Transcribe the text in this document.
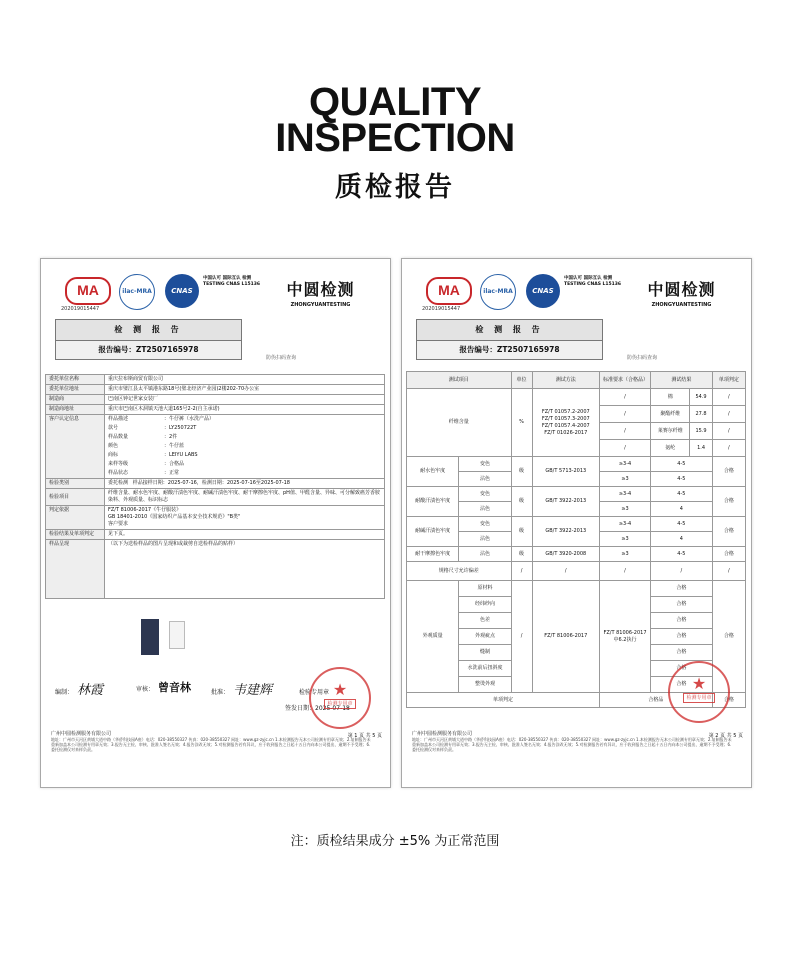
QUALITY
INSPECTION
质检报告
MA
202019015447
ilac-MRA	CNAS
中国认可 国际互认 检测 TESTING CNAS L15136	中圆检测
ZHONGYUANTESTING
检 测 报 告
报告编号：ZT2507165978
防伪扫码查询
委托单位名称	重庆拉布斯商贸有限公司
委托单位地址	重庆市璧江县太平镇港东路18号(璧北经济产业园)2楼202-70办公室
制造商	巴南区钟记世家女装厂
制造商地址	重庆市巴南区木洞镇天池大道165号2-2(自主承诺)
客户认定信息		样品描述	：牛仔裤（水洗产品）
款号	：LY250722T
样品数量	：2件
颜色	：牛仔蓝
商标	：LEIYU LABS
来样等级	：合格品
样品状态	：正常

检验类别	委托检测 样品接样日期：2025-07-16，检测日期：2025-07-16至2025-07-18
检验项目	纤维含量、耐水色牢度、耐酸汗渍色牢度、耐碱汗渍色牢度、耐干摩擦色牢度、pH值、甲醛含量、异味、可分解致癌芳香胺染料、外观质量、标识标志
判定依据	FZ/T 81006-2017《牛仔服装》
GB 18401-2010《国家纺织产品基本安全技术规范》"B类"
客户要求

检验结果及单项判定	见下页。
样品呈现	（以下为送检样品的图片呈现和或裁剪自送检样品的贴样）
编制： 林霞	审核： 曾音林	批准： 韦建辉	检验专用章
签发日期：2025-07-18
★
检测专用章
广州中圆检测服务有限公司
地址：广州市天河区黄埔大道中路（华侨科技园A座）电话：020-38550327 传真：020-38550327 网址：www.gz-zyjc.cn 1.本检测报告无本公司检测专用章无效；2.复制报告未重新加盖本公司检测专用章无效；3.报告无主检、审核、批准人签名无效；4.报告涂改无效；5.对检测报告若有异议，应于收到报告之日起十五日内向本公司提出，逾期不予受理；6.委托检测仅对来样负责。
第 1 页 共 5 页
MA
202019015447
ilac-MRA	CNAS
中国认可 国际互认 检测 TESTING CNAS L15136	中圆检测
ZHONGYUANTESTING
检 测 报 告
报告编号：ZT2507165978
防伪扫码查询
测试项目		单位	测试方法	标准要求（合格品）	测试结果		单项判定
纤维含量		%	FZ/T 01057.2-2007
FZ/T 01057.3-2007
FZ/T 01057.4-2007
FZ/T 01026-2017	/	棉	54.9	/
				/	聚酯纤维	27.8	/
				/	莱赛尔纤维	15.9	/
				/	氨纶	1.4	/
耐水色牢度	变色	级	GB/T 5713-2013	≥3-4	4-5		合格
	沾色			≥3	4-5		
耐酸汗渍色牢度	变色	级	GB/T 3922-2013	≥3-4	4-5		合格
	沾色			≥3	4		
耐碱汗渍色牢度	变色	级	GB/T 3922-2013	≥3-4	4-5		合格
	沾色			≥3	4		
耐干摩擦色牢度	沾色	级	GB/T 3920-2008	≥3	4-5		合格
规格尺寸允许偏差		/	/	/	/		/
外观质量	原材料	/	FZ/T 81006-2017	FZ/T 81006-2017 中6.2执行	合格		合格
	经纬纱向				合格		
	色差				合格		
	外观疵点				合格		
	缝制				合格		
	水洗前后扭斜度				合格		
	整烫外观				合格		
单项判定				合格品			合格
★
检测专用章
广州中圆检测服务有限公司
地址：广州市天河区黄埔大道中路（华侨科技园A座）电话：020-38550327 传真：020-38550327 网址：www.gz-zyjc.cn 1.本检测报告无本公司检测专用章无效；2.复制报告未重新加盖本公司检测专用章无效；3.报告无主检、审核、批准人签名无效；4.报告涂改无效；5.对检测报告若有异议，应于收到报告之日起十五日内向本公司提出，逾期不予受理；6.委托检测仅对来样负责。
第 2 页 共 5 页
注：质检结果成分 ±5% 为正常范围
